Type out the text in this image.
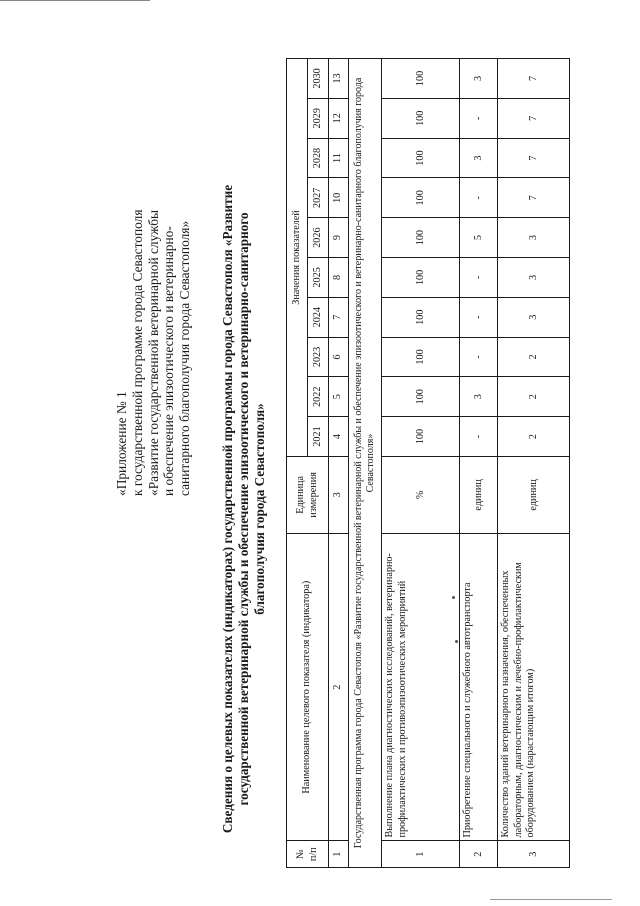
«Приложение № 1 к государственной программе города Севастополя «Развитие государственной ветеринарной службы и обеспечение эпизоотического и ветеринарно- санитарного благополучия города Севастополя» Сведения о целевых показателях (индикаторах) государственной программы города Севастополя «Развитие государственной ветеринарной службы и обеспечение эпизоотического и ветеринарно-санитарного благополучия города Севастополя»
№ п/п	Наименование целевого показателя (индикатора)	Единица измерения	Значения показателей									
			2021	2022	2023	2024	2025	2026	2027	2028	2029	2030
1	2	3	4	5	6	7	8	9	10	11	12	13
Государственная программа города Севастополя «Развитие государственной ветеринарной службы и обеспечение эпизоотического и ветеринарно-санитарного благополучия города Севастополя»												
1	Выполнение плана диагностических исследований, ветеринарно-профилактических и противоэпизоотических мероприятий	%	100	100	100	100	100	100	100	100	100	100
2	Приобретение специального и служебного автотранспорта	единиц	-	3	-	-	-	5	-	3	-	3
3	Количество зданий ветеринарного назначения, обеспеченных лабораторным, диагностическим и лечебно-профилактическим оборудованием (нарастающим итогом)	единиц	2	2	2	3	3	3	7	7	7	7
